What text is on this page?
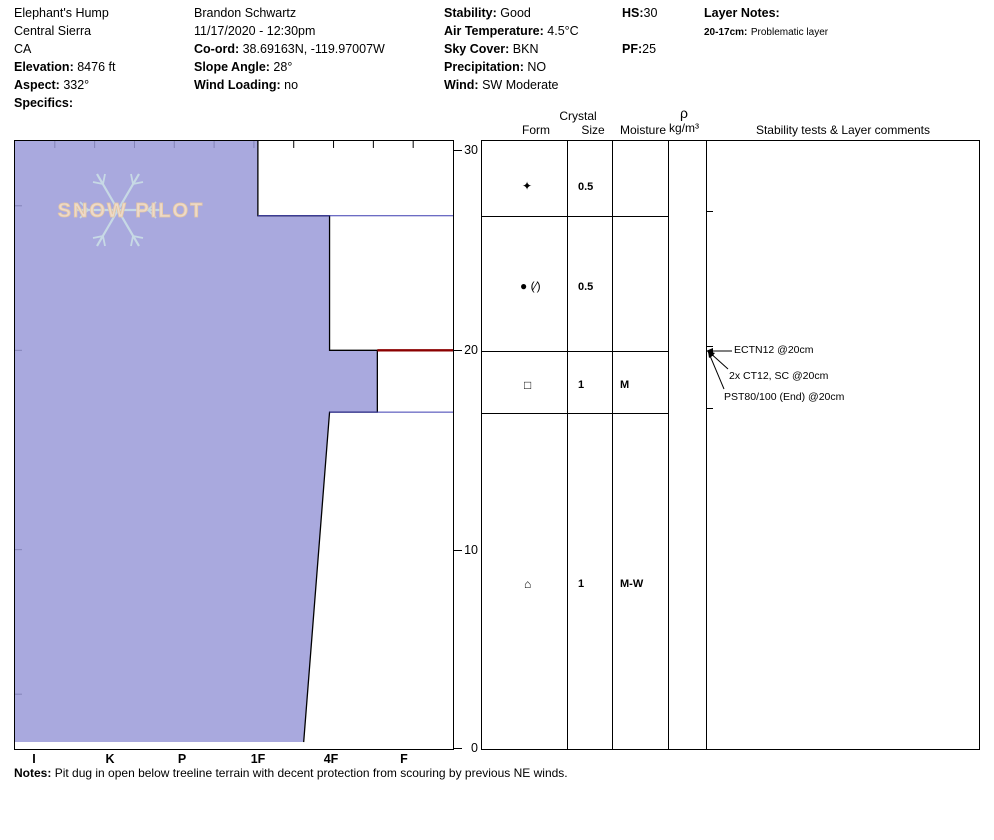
Elephant's Hump
Central Sierra
CA
Elevation: 8476 ft
Aspect: 332°
Specifics:
Brandon Schwartz
11/17/2020 - 12:30pm
Co-ord: 38.69163N, -119.97007W
Slope Angle: 28°
Wind Loading: no
Stability: Good
Air Temperature: 4.5°C
Sky Cover: BKN
Precipitation: NO
Wind: SW Moderate
HS:30
PF:25
Layer Notes:
20-17cm: Problematic layer
SNOW PILOT
30
20
10
0
I	K	P	1F	4F	F
Crystal
Form	Size	Moisture
ρ
kg/m³	Stability tests & Layer comments
✦	0.5
● (∕)	0.5
□	1	M
⌂	1	M-W
ECTN12 @20cm
2x CT12, SC @20cm
PST80/100 (End) @20cm
Notes: Pit dug in open below treeline terrain with decent protection from scouring by previous NE winds.
